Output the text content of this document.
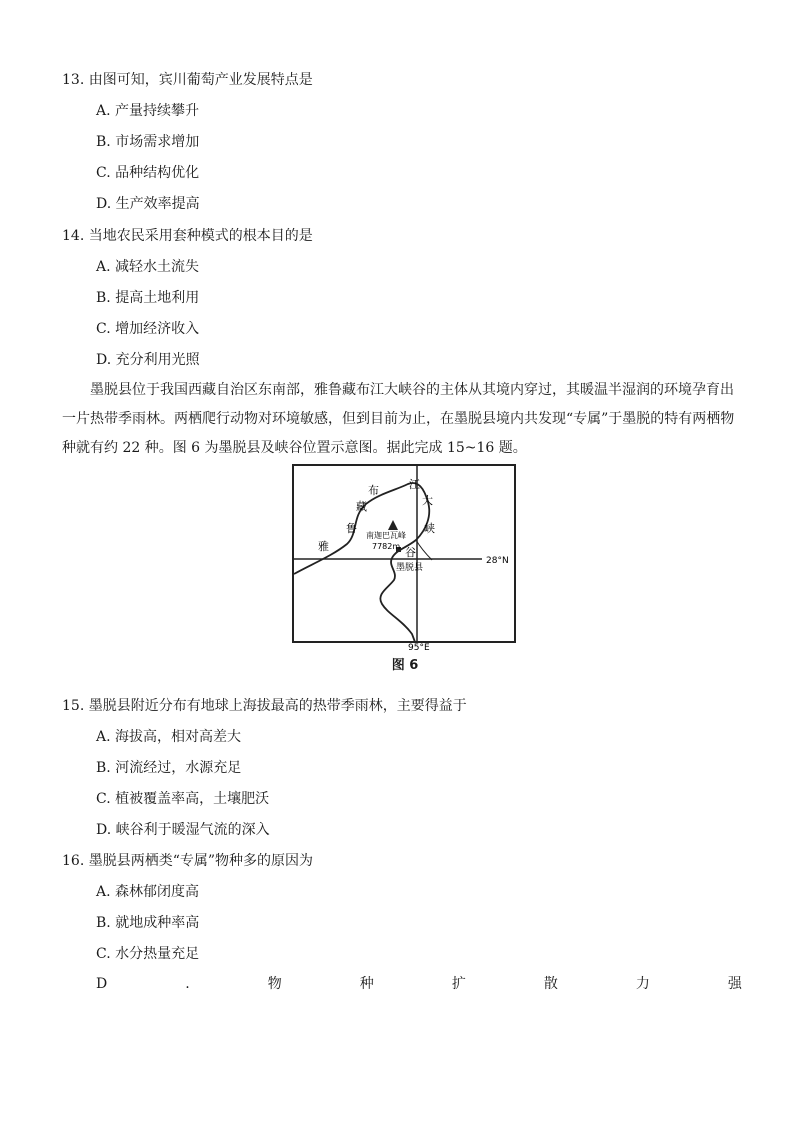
13. 由图可知，宾川葡萄产业发展特点是
A. 产量持续攀升
B. 市场需求增加
C. 品种结构优化
D. 生产效率提高
14. 当地农民采用套种模式的根本目的是
A. 减轻水土流失
B. 提高土地利用
C. 增加经济收入
D. 充分利用光照
墨脱县位于我国西藏自治区东南部，雅鲁藏布江大峡谷的主体从其境内穿过，其暖温半湿润的环境孕育出一片热带季雨林。两栖爬行动物对环境敏感，但到目前为止，在墨脱县境内共发现“专属”于墨脱的特有两栖物种就有约 22 种。图 6 为墨脱县及峡谷位置示意图。据此完成 15~16 题。
布
藏
鲁
雅
大
峡
江
谷
南迦巴瓦峰
7782m
墨脱县
28°N
95°E
图 6
15. 墨脱县附近分布有地球上海拔最高的热带季雨林，主要得益于
A. 海拔高，相对高差大
B. 河流经过，水源充足
C. 植被覆盖率高，土壤肥沃
D. 峡谷利于暖湿气流的深入
16. 墨脱县两栖类“专属”物种多的原因为
A. 森林郁闭度高
B. 就地成种率高
C. 水分热量充足
D	.	物	种	扩	散	力	强
